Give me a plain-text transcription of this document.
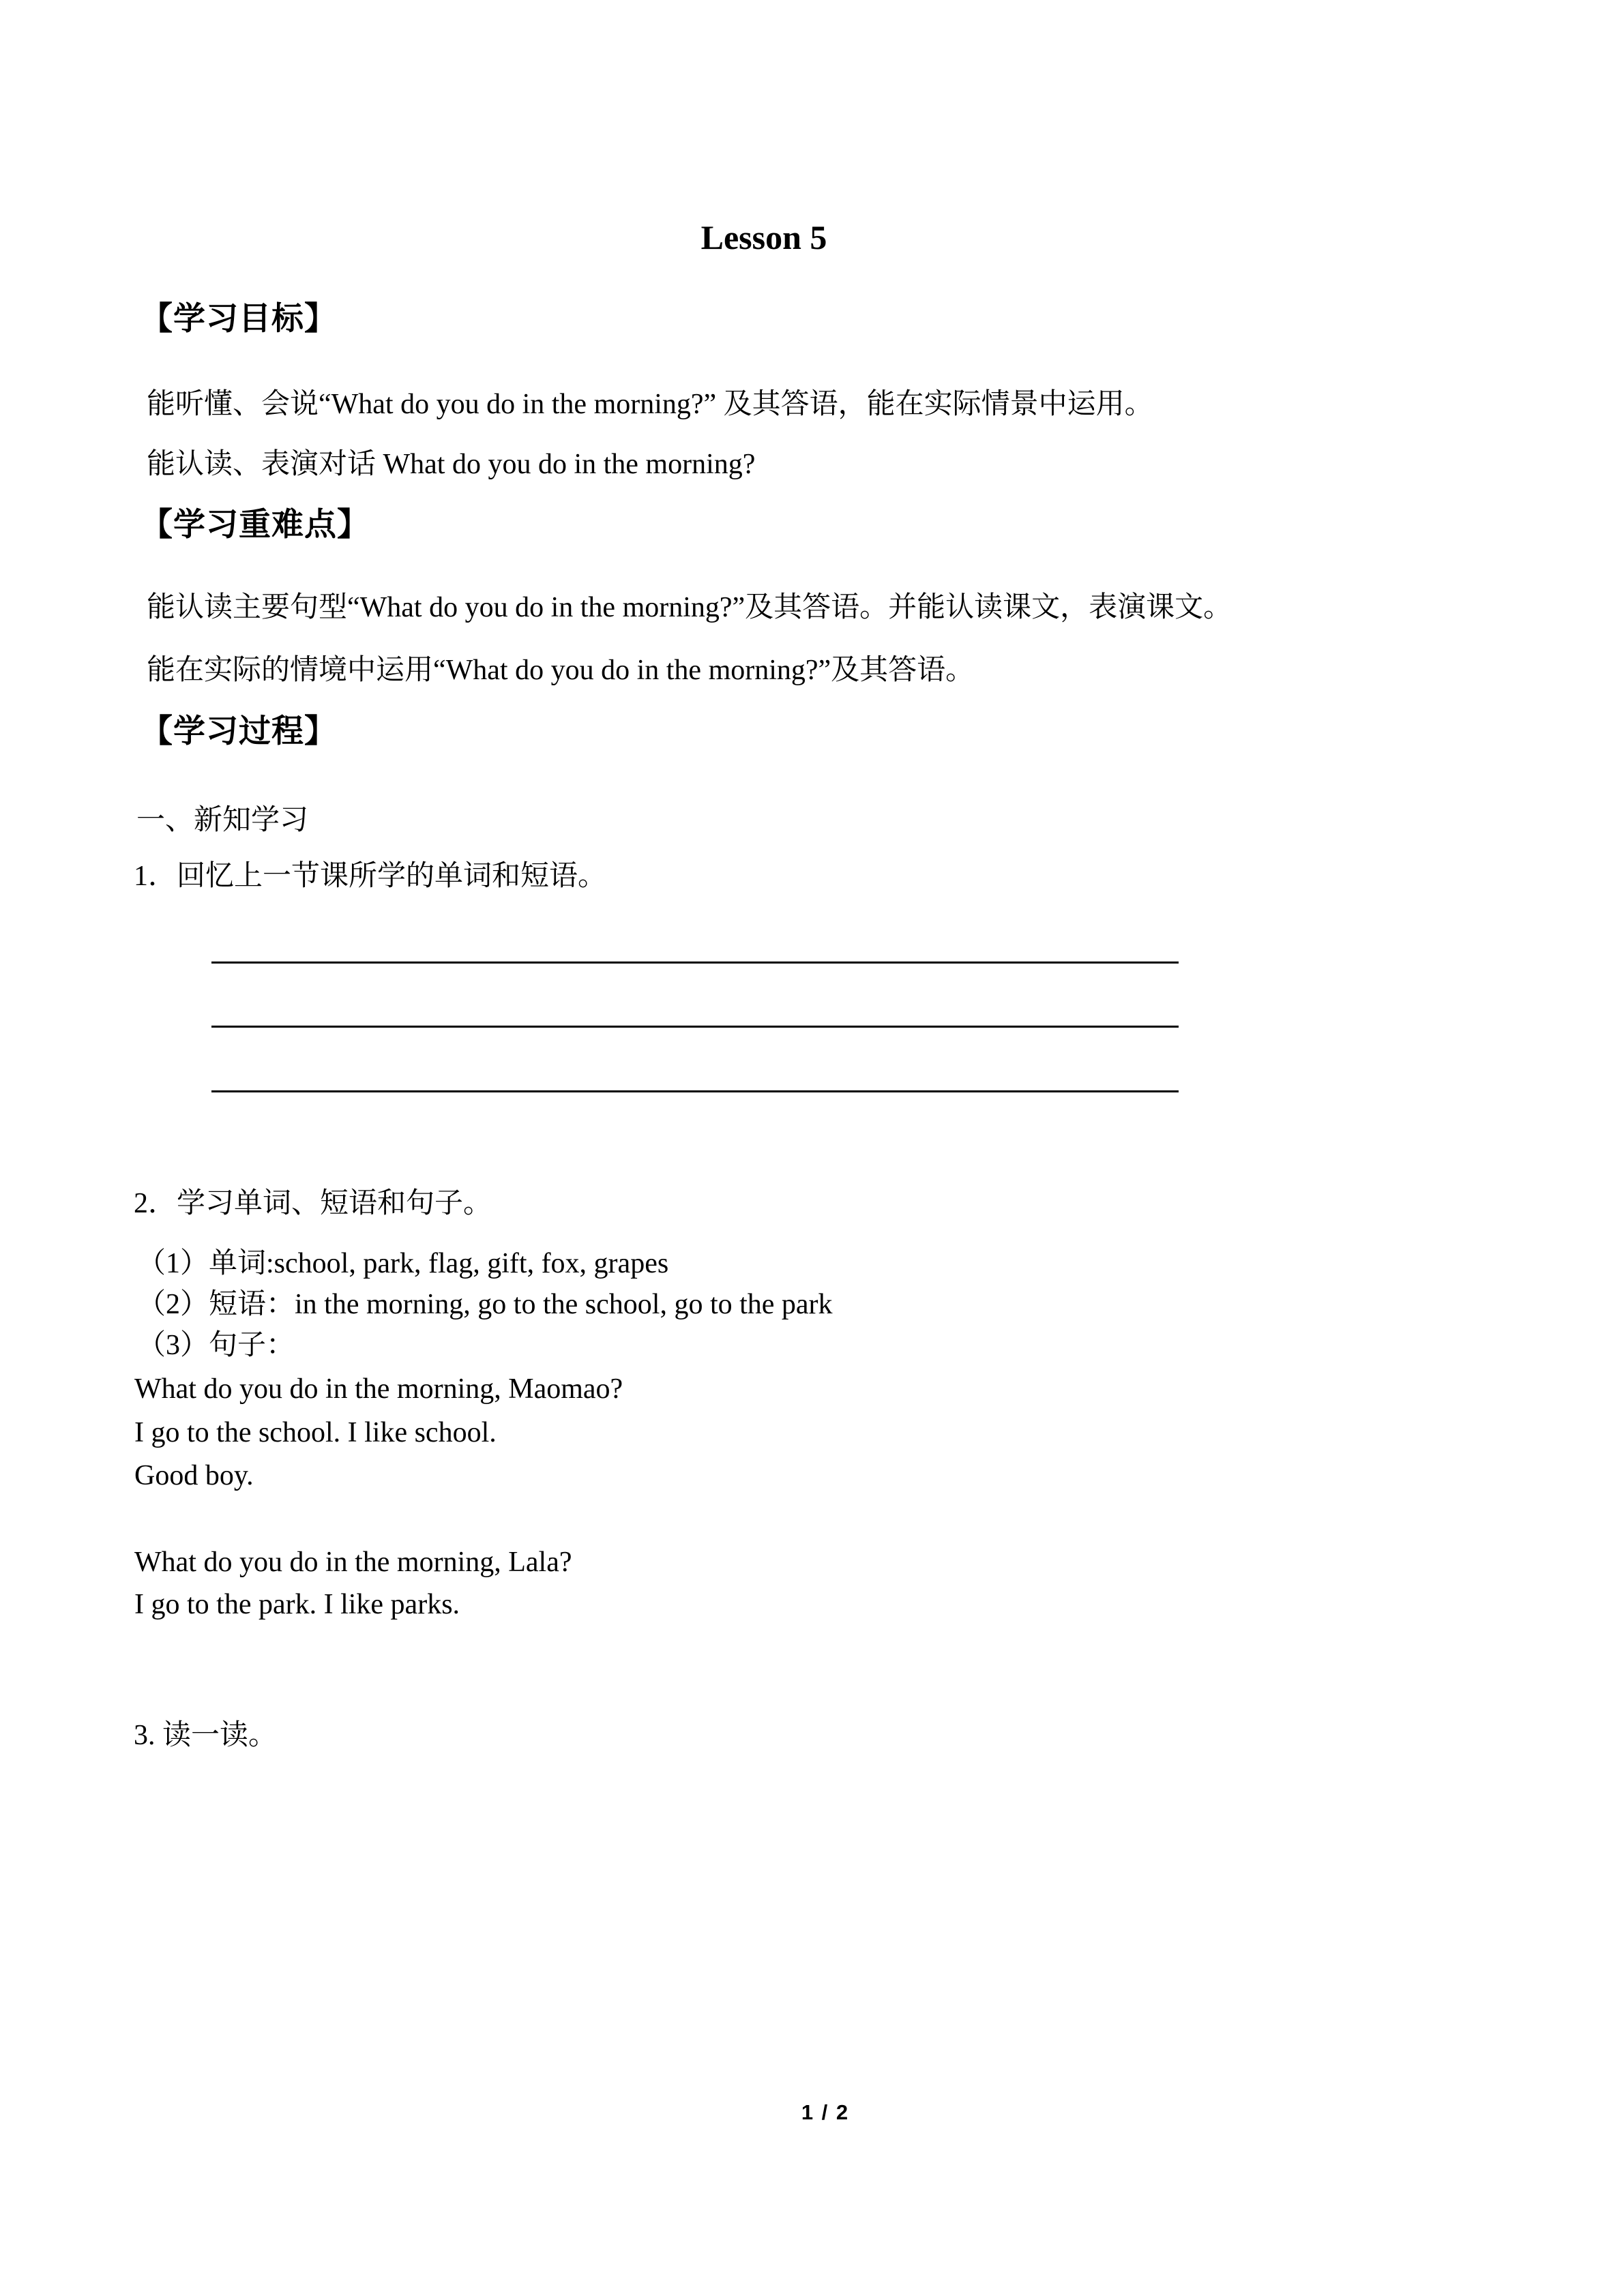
Lesson 5
【学习目标】
能听懂、会说“What do you do in the morning?” 及其答语，能在实际情景中运用。
能认读、表演对话 What do you do in the morning?
【学习重难点】
能认读主要句型“What do you do in the morning?”及其答语。并能认读课文，表演课文。
能在实际的情境中运用“What do you do in the morning?”及其答语。
【学习过程】
一、新知学习
1．回忆上一节课所学的单词和短语。
2．学习单词、短语和句子。
（1）单词:school, park, flag, gift, fox, grapes
（2）短语：in the morning, go to the school, go to the park
（3）句子：
What do you do in the morning, Maomao?
I go to the school. I like school.
Good boy.
What do you do in the morning, Lala?
I go to the park. I like parks.
3. 读一读。
1 / 2
